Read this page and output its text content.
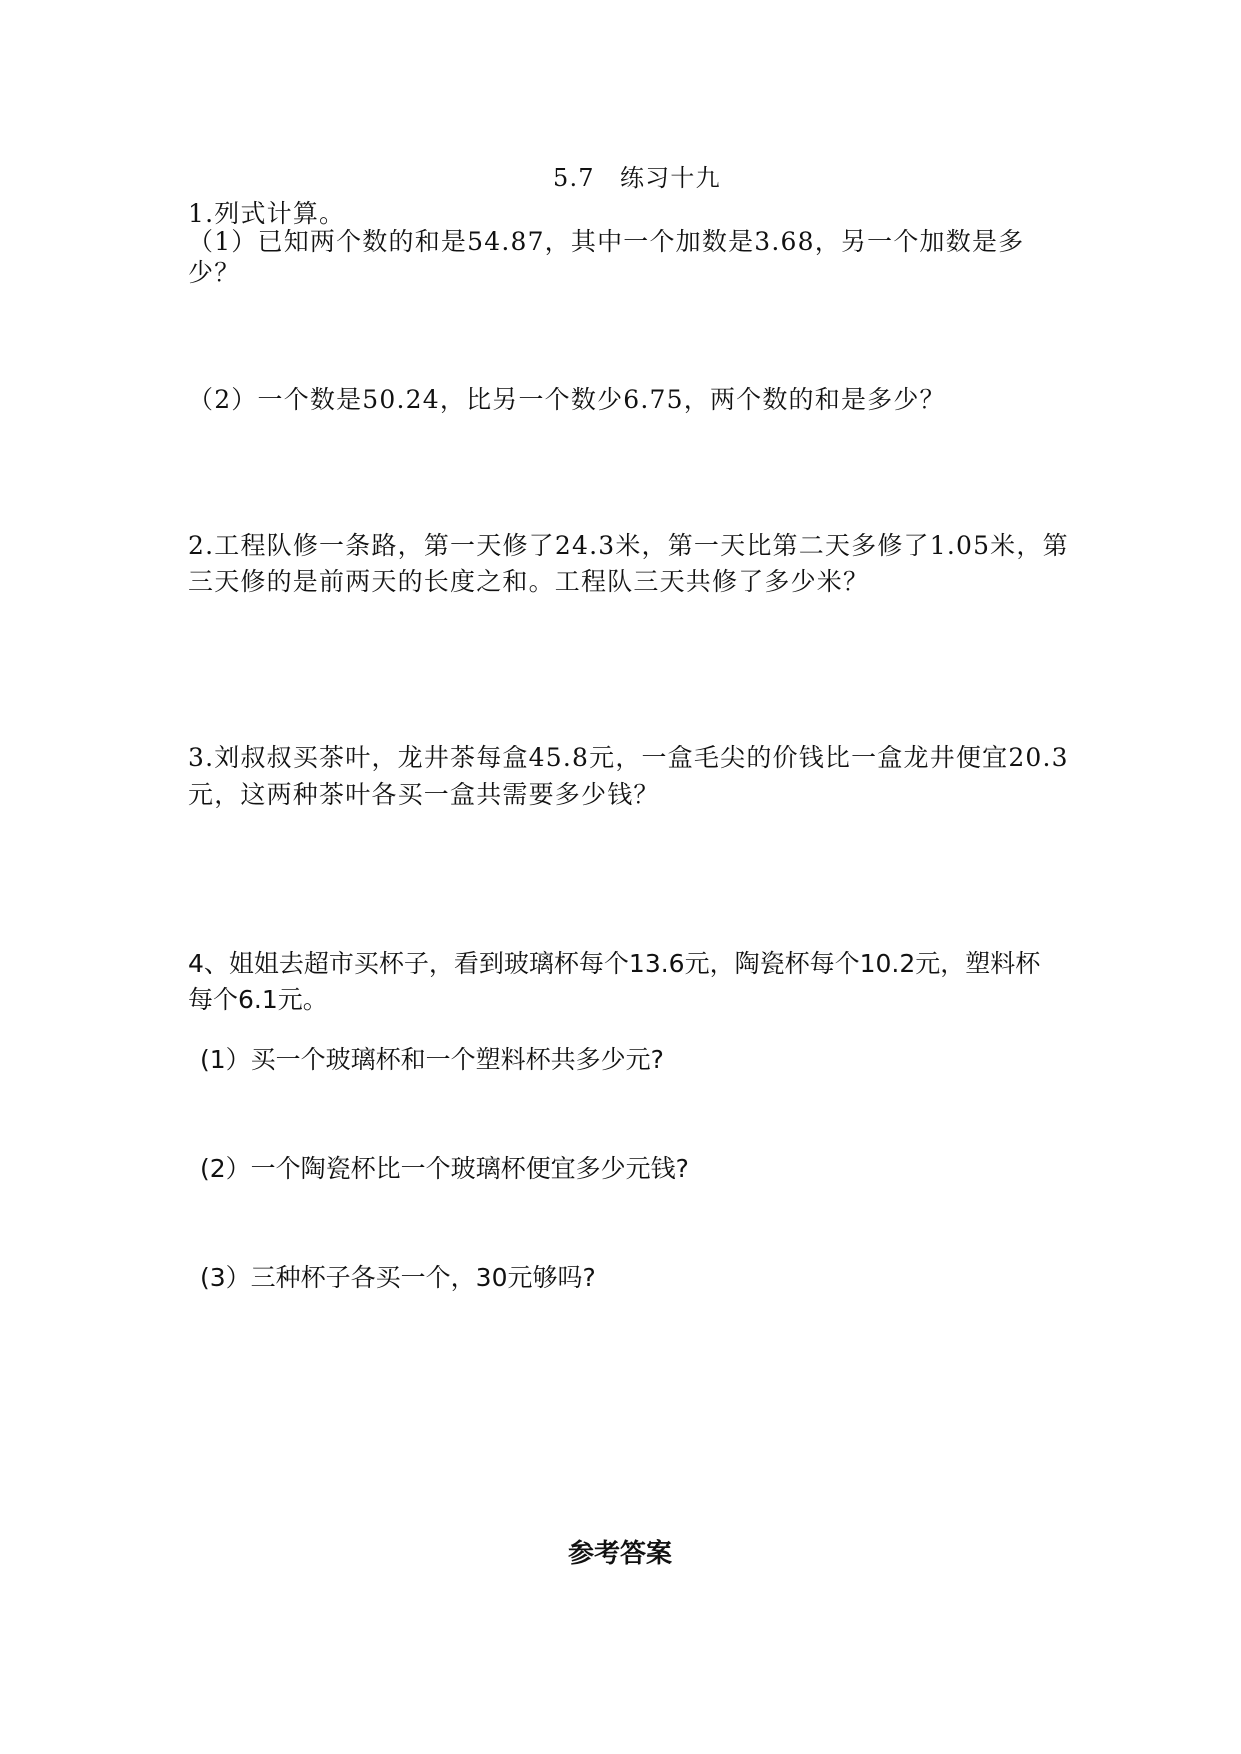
5.7　练习十九

1.列式计算。

（1）已知两个数的和是54.87，其中一个加数是3.68，另一个加数是多

少？

（2）一个数是50.24，比另一个数少6.75，两个数的和是多少？

2.工程队修一条路，第一天修了24.3米，第一天比第二天多修了1.05米，第

三天修的是前两天的长度之和。工程队三天共修了多少米？

3.刘叔叔买茶叶，龙井茶每盒45.8元，一盒毛尖的价钱比一盒龙井便宜20.3

元，这两种茶叶各买一盒共需要多少钱？

4、姐姐去超市买杯子，看到玻璃杯每个13.6元，陶瓷杯每个10.2元，塑料杯

每个6.1元。

(1）买一个玻璃杯和一个塑料杯共多少元?

(2）一个陶瓷杯比一个玻璃杯便宜多少元钱?

(3）三种杯子各买一个，30元够吗?

参考答案
